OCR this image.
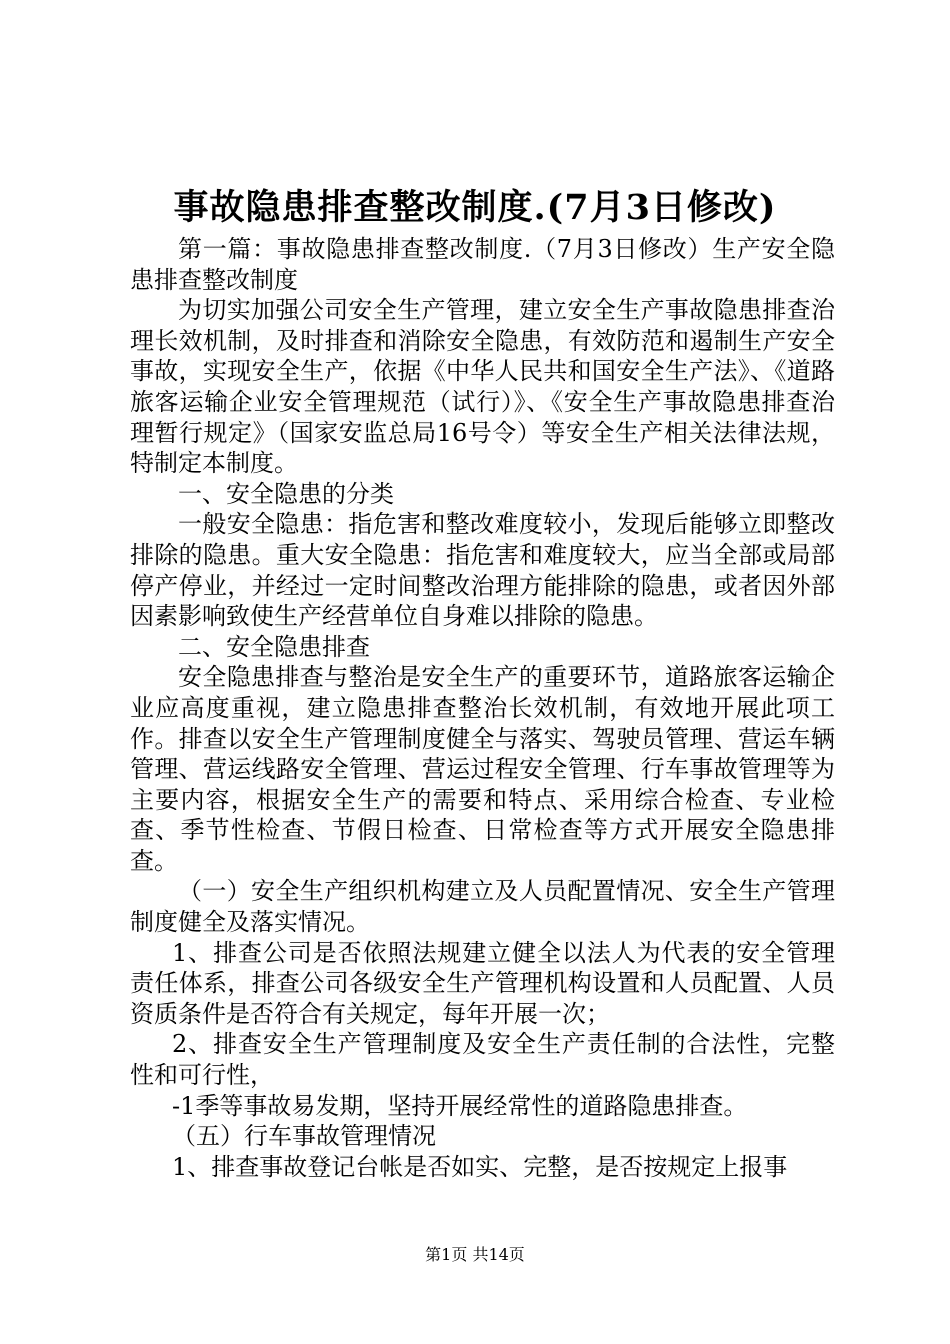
事故隐患排查整改制度.(7月3日修改)

第一篇：事故隐患排查整改制度.（7月3日修改）生产安全隐患排查整改制度

为切实加强公司安全生产管理，建立安全生产事故隐患排查治理长效机制，及时排查和消除安全隐患，有效防范和遏制生产安全事故，实现安全生产，依据《中华人民共和国安全生产法》、《道路旅客运输企业安全管理规范（试行）》、《安全生产事故隐患排查治理暂行规定》（国家安监总局16号令）等安全生产相关法律法规，特制定本制度。

一、安全隐患的分类

一般安全隐患：指危害和整改难度较小，发现后能够立即整改排除的隐患。重大安全隐患：指危害和难度较大，应当全部或局部停产停业，并经过一定时间整改治理方能排除的隐患，或者因外部因素影响致使生产经营单位自身难以排除的隐患。

二、安全隐患排查

安全隐患排查与整治是安全生产的重要环节，道路旅客运输企业应高度重视，建立隐患排查整治长效机制，有效地开展此项工作。排查以安全生产管理制度健全与落实、驾驶员管理、营运车辆管理、营运线路安全管理、营运过程安全管理、行车事故管理等为主要内容，根据安全生产的需要和特点、采用综合检查、专业检查、季节性检查、节假日检查、日常检查等方式开展安全隐患排查。

（一）安全生产组织机构建立及人员配置情况、安全生产管理制度健全及落实情况。

1、排查公司是否依照法规建立健全以法人为代表的安全管理责任体系，排查公司各级安全生产管理机构设置和人员配置、人员资质条件是否符合有关规定，每年开展一次；

2、排查安全生产管理制度及安全生产责任制的合法性，完整性和可行性，

-1季等事故易发期，坚持开展经常性的道路隐患排查。

（五）行车事故管理情况

1、排查事故登记台帐是否如实、完整，是否按规定上报事

第1页 共14页
